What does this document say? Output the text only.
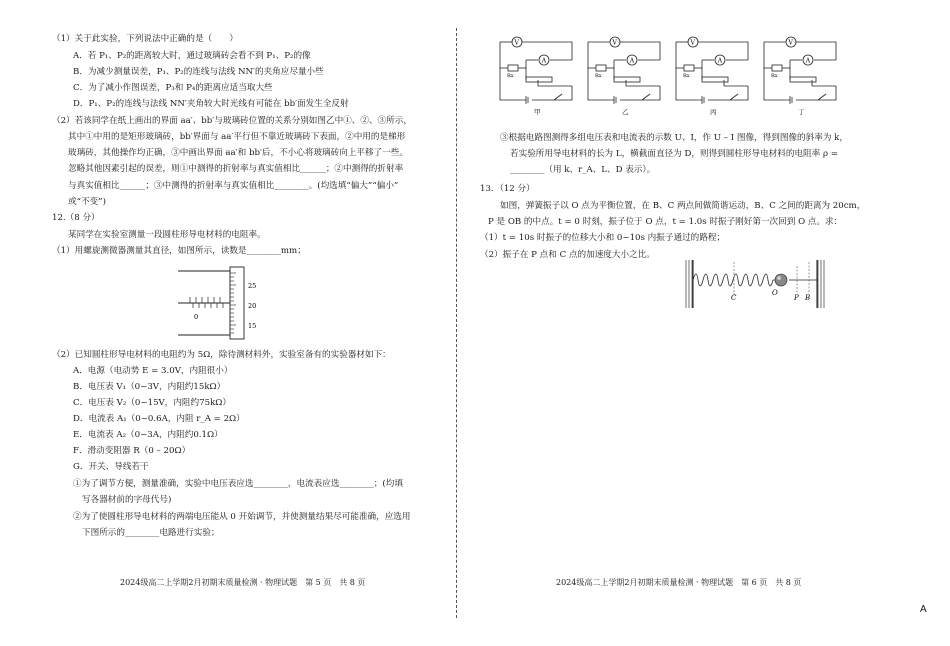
（1）关于此实验，下列说法中正确的是（　　）
A．若 P₁、P₂的距离较大时，通过玻璃砖会看不到 P₁、P₂的像
B．为减少测量误差，P₁、P₂的连线与法线 NN′的夹角应尽量小些
C．为了减小作图误差，P₃和 P₄的距离应适当取大些
D．P₁、P₂的连线与法线 NN′夹角较大时光线有可能在 bb′面发生全反射
（2）若该同学在纸上画出的界面 aa′、bb′与玻璃砖位置的关系分别如图乙中①、②、③所示，
其中①中用的是矩形玻璃砖，bb′界面与 aa′平行但不靠近玻璃砖下表面，②中用的是梯形
玻璃砖，其他操作均正确，③中画出界面 aa′和 bb′后，不小心将玻璃砖向上平移了一些。
忽略其他因素引起的误差，则①中测得的折射率与真实值相比______；②中测得的折射率
与真实值相比______；③中测得的折射率与真实值相比________。(均选填“偏大”“偏小”
或“不变”)
12.（8 分）
某同学在实验室测量一段圆柱形导电材料的电阻率。
（1）用螺旋测微器测量其直径，如图所示，读数是________mm；
0
25
20
15
（2）已知圆柱形导电材料的电阻约为 5Ω，除待测材料外，实验室备有的实验器材如下：
A．电源（电动势 E = 3.0V，内阻很小）
B．电压表 V₁（0~3V，内阻约15kΩ）
C．电压表 V₂（0~15V，内阻约75kΩ）
D．电流表 A₁（0~0.6A，内阻 r_A = 2Ω）
E．电流表 A₂（0~3A，内阻约0.1Ω）
F．滑动变阻器 R（0 – 20Ω）
G．开关、导线若干
①为了调节方便，测量准确，实验中电压表应选________，电流表应选________；(均填
写各器材前的字母代号)
②为了使圆柱形导电材料的两端电压能从 0 开始调节，并使测量结果尽可能准确，应选用
下图所示的________电路进行实验；
2024级高二上学期2月初期末质量检测 · 物理试题　第 5 页　共 8 页
V
A
Rx
甲
V
A
Rx
乙
V
A
Rx
丙
V
A
Rx
丁
③根据电路图测得多组电压表和电流表的示数 U、I，作 U – I 图像，得到图像的斜率为 k，
若实验所用导电材料的长为 L，横截面直径为 D，则得到圆柱形导电材料的电阻率 ρ =
________（用 k、r_A、L、D 表示）。
13．（12 分）
如图，弹簧振子以 O 点为平衡位置，在 B、C 两点间做简谐运动，B、C 之间的距离为 20cm，
P 是 OB 的中点。t = 0 时刻，振子位于 O 点，t = 1.0s 时振子刚好第一次回到 O 点。求：
（1）t = 10s 时振子的位移大小和 0~10s 内振子通过的路程；
（2）振子在 P 点和 C 点的加速度大小之比。
C
O
P B
2024级高二上学期2月初期末质量检测 · 物理试题　第 6 页　共 8 页
A
